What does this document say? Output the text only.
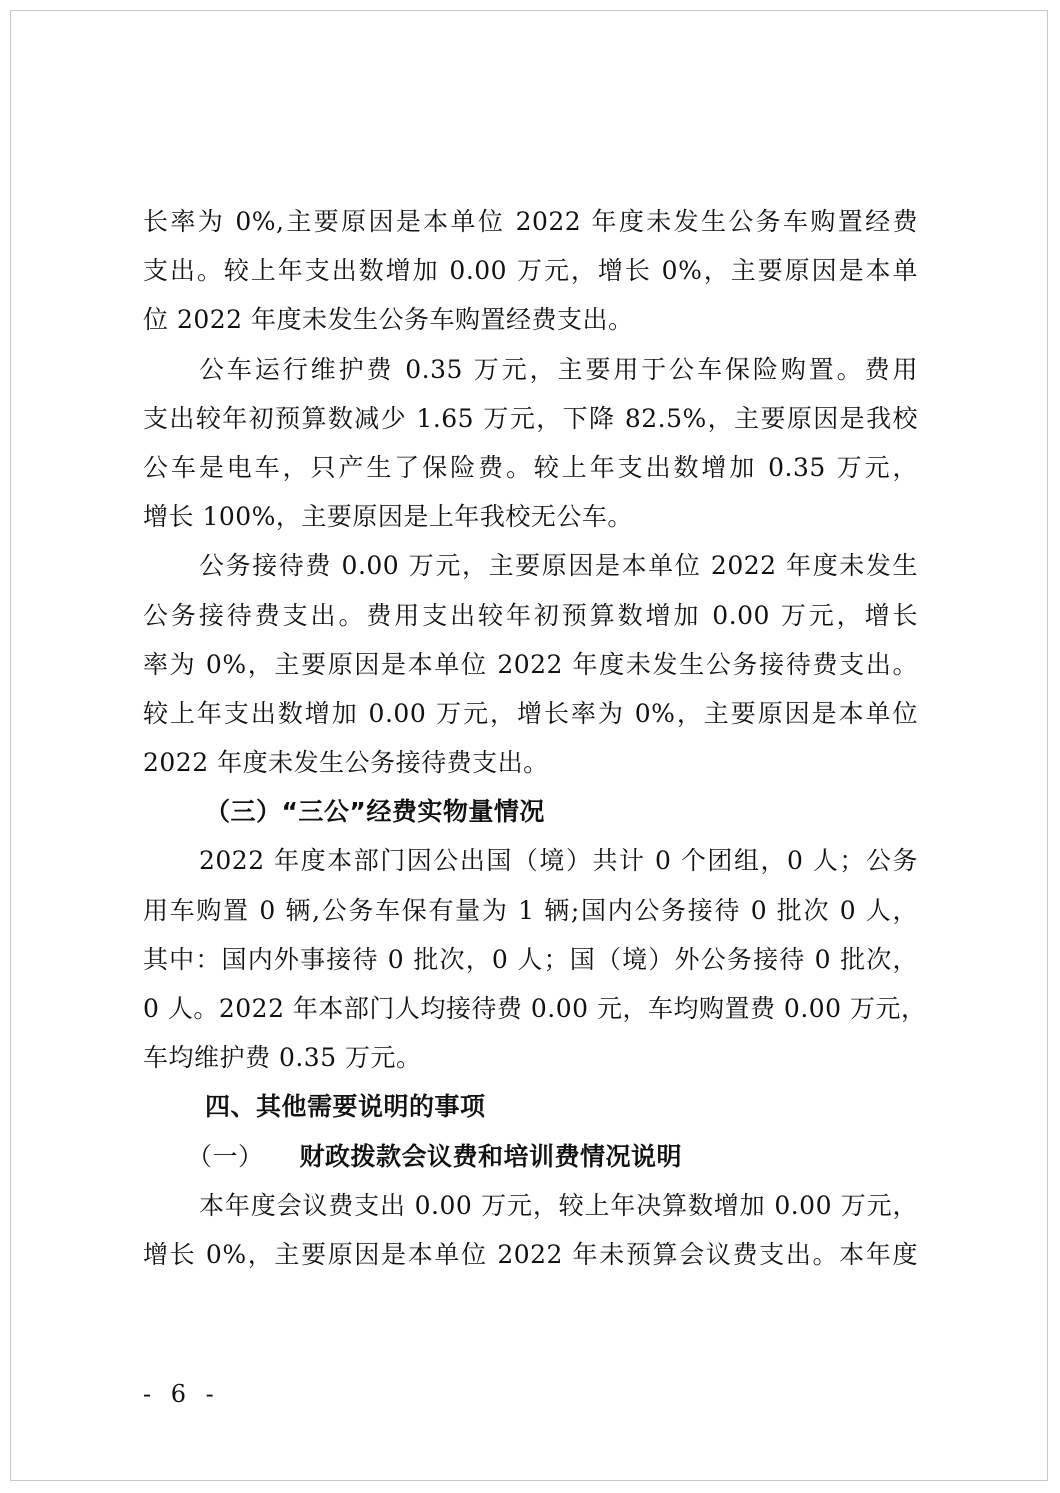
长率为 0%,主要原因是本单位 2022 年度未发生公务车购置经费
支出。较上年支出数增加 0.00 万元，增长 0%，主要原因是本单
位 2022 年度未发生公务车购置经费支出。
公车运行维护费 0.35 万元，主要用于公车保险购置。费用
支出较年初预算数减少 1.65 万元，下降 82.5%，主要原因是我校
公车是电车，只产生了保险费。较上年支出数增加 0.35 万元，
增长 100%，主要原因是上年我校无公车。
公务接待费 0.00 万元，主要原因是本单位 2022 年度未发生
公务接待费支出。费用支出较年初预算数增加 0.00 万元，增长
率为 0%，主要原因是本单位 2022 年度未发生公务接待费支出。
较上年支出数增加 0.00 万元，增长率为 0%，主要原因是本单位
2022 年度未发生公务接待费支出。
（三）“三公”经费实物量情况
2022 年度本部门因公出国（境）共计 0 个团组，0 人；公务
用车购置 0 辆,公务车保有量为 1 辆;国内公务接待 0 批次 0 人，
其中：国内外事接待 0 批次，0 人；国（境）外公务接待 0 批次，
0 人。2022 年本部门人均接待费 0.00 元，车均购置费 0.00 万元，
车均维护费 0.35 万元。
四、其他需要说明的事项
（一） 财政拨款会议费和培训费情况说明
本年度会议费支出 0.00 万元，较上年决算数增加 0.00 万元，
增长 0%，主要原因是本单位 2022 年未预算会议费支出。本年度
- 6 -
